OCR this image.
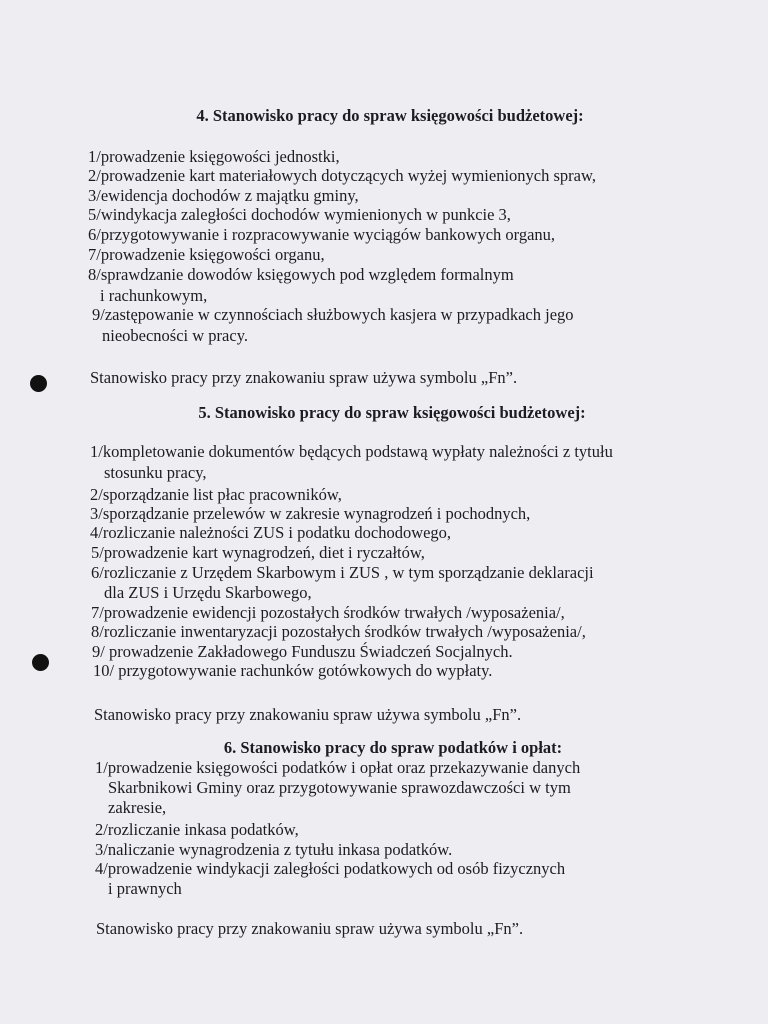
4. Stanowisko pracy do spraw księgowości budżetowej:
1/prowadzenie księgowości jednostki,
2/prowadzenie kart materiałowych dotyczących wyżej wymienionych spraw,
3/ewidencja dochodów z majątku gminy,
5/windykacja zaległości dochodów wymienionych w punkcie 3,
6/przygotowywanie i rozpracowywanie wyciągów bankowych organu,
7/prowadzenie księgowości organu,
8/sprawdzanie dowodów księgowych pod względem formalnym
i rachunkowym,
9/zastępowanie w czynnościach służbowych kasjera w przypadkach jego
nieobecności w pracy.
Stanowisko pracy przy znakowaniu spraw używa symbolu „Fn”.
5. Stanowisko pracy do spraw księgowości budżetowej:
1/kompletowanie dokumentów będących podstawą wypłaty należności z tytułu
stosunku pracy,
2/sporządzanie list płac pracowników,
3/sporządzanie przelewów w zakresie wynagrodzeń i pochodnych,
4/rozliczanie należności ZUS i podatku dochodowego,
5/prowadzenie kart wynagrodzeń, diet i ryczałtów,
6/rozliczanie z Urzędem Skarbowym i ZUS , w tym sporządzanie deklaracji
dla ZUS i Urzędu Skarbowego,
7/prowadzenie ewidencji pozostałych środków trwałych /wyposażenia/,
8/rozliczanie inwentaryzacji pozostałych środków trwałych /wyposażenia/,
9/ prowadzenie Zakładowego Funduszu Świadczeń Socjalnych.
10/ przygotowywanie rachunków gotówkowych do wypłaty.
Stanowisko pracy przy znakowaniu spraw używa symbolu „Fn”.
6. Stanowisko pracy do spraw podatków i opłat:
1/prowadzenie księgowości podatków i opłat oraz przekazywanie danych
Skarbnikowi Gminy oraz przygotowywanie sprawozdawczości w tym
zakresie,
2/rozliczanie inkasa podatków,
3/naliczanie wynagrodzenia z tytułu inkasa podatków.
4/prowadzenie windykacji zaległości podatkowych od osób fizycznych
i prawnych
Stanowisko pracy przy znakowaniu spraw używa symbolu „Fn”.
